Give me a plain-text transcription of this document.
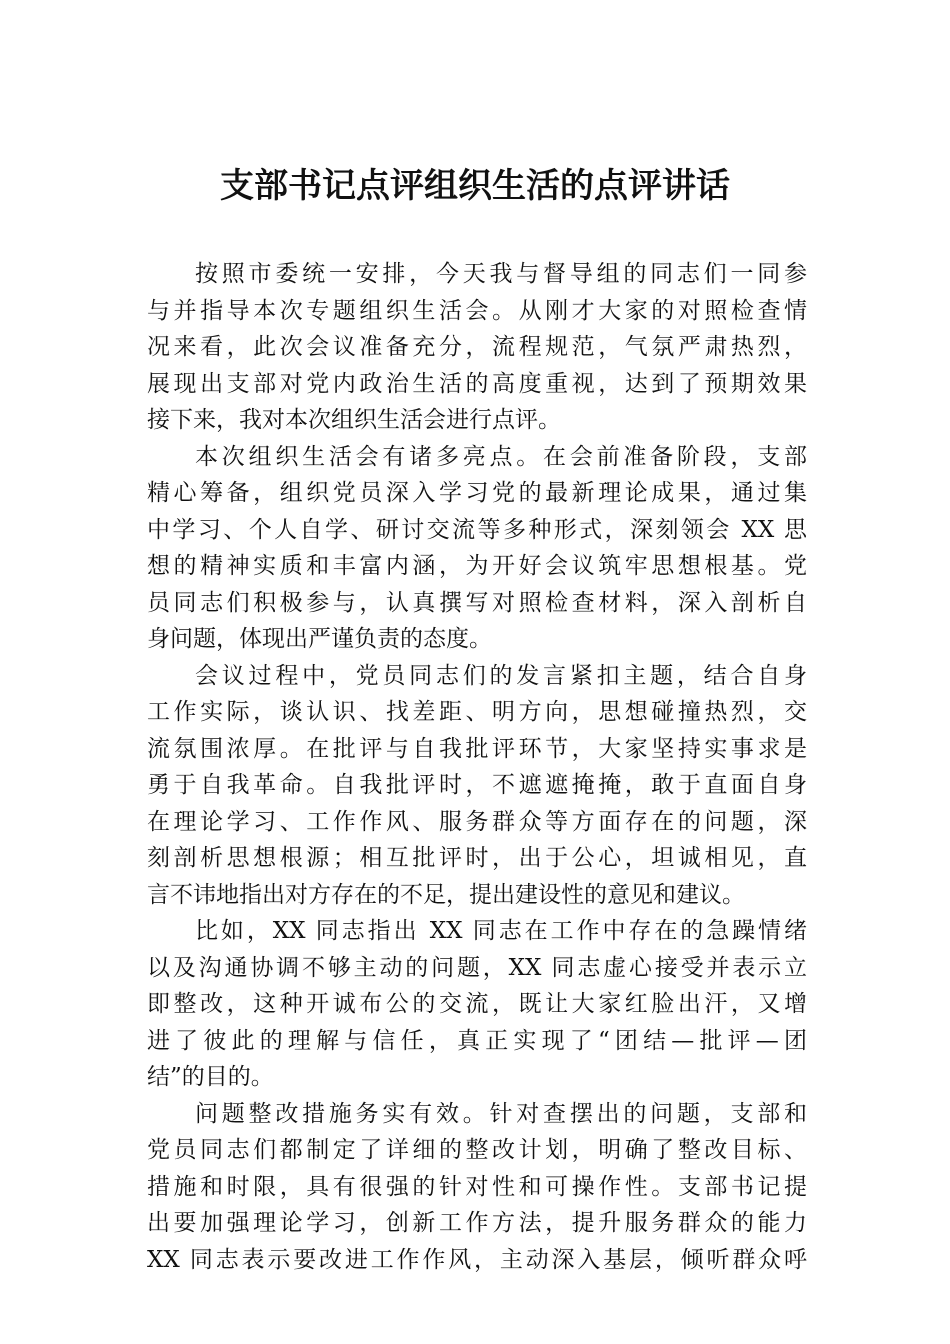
支部书记点评组织生活的点评讲话
按照市委统一安排，今天我与督导组的同志们一同参
与并指导本次专题组织生活会。从刚才大家的对照检查情
况来看，此次会议准备充分，流程规范，气氛严肃热烈，
展现出支部对党内政治生活的高度重视，达到了预期效果
接下来，我对本次组织生活会进行点评。
本次组织生活会有诸多亮点。在会前准备阶段，支部
精心筹备，组织党员深入学习党的最新理论成果，通过集
中学习、个人自学、研讨交流等多种形式，深刻领会 XX 思
想的精神实质和丰富内涵，为开好会议筑牢思想根基。党
员同志们积极参与，认真撰写对照检查材料，深入剖析自
身问题，体现出严谨负责的态度。
会议过程中，党员同志们的发言紧扣主题，结合自身
工作实际，谈认识、找差距、明方向，思想碰撞热烈，交
流氛围浓厚。在批评与自我批评环节，大家坚持实事求是
勇于自我革命。自我批评时，不遮遮掩掩，敢于直面自身
在理论学习、工作作风、服务群众等方面存在的问题，深
刻剖析思想根源；相互批评时，出于公心，坦诚相见，直
言不讳地指出对方存在的不足，提出建设性的意见和建议。
比如，XX 同志指出 XX 同志在工作中存在的急躁情绪
以及沟通协调不够主动的问题，XX 同志虚心接受并表示立
即整改，这种开诚布公的交流，既让大家红脸出汗，又增
进了彼此的理解与信任，真正实现了“团结—批评—团
结”的目的。
问题整改措施务实有效。针对查摆出的问题，支部和
党员同志们都制定了详细的整改计划，明确了整改目标、
措施和时限，具有很强的针对性和可操作性。支部书记提
出要加强理论学习，创新工作方法，提升服务群众的能力
XX 同志表示要改进工作作风，主动深入基层，倾听群众呼
